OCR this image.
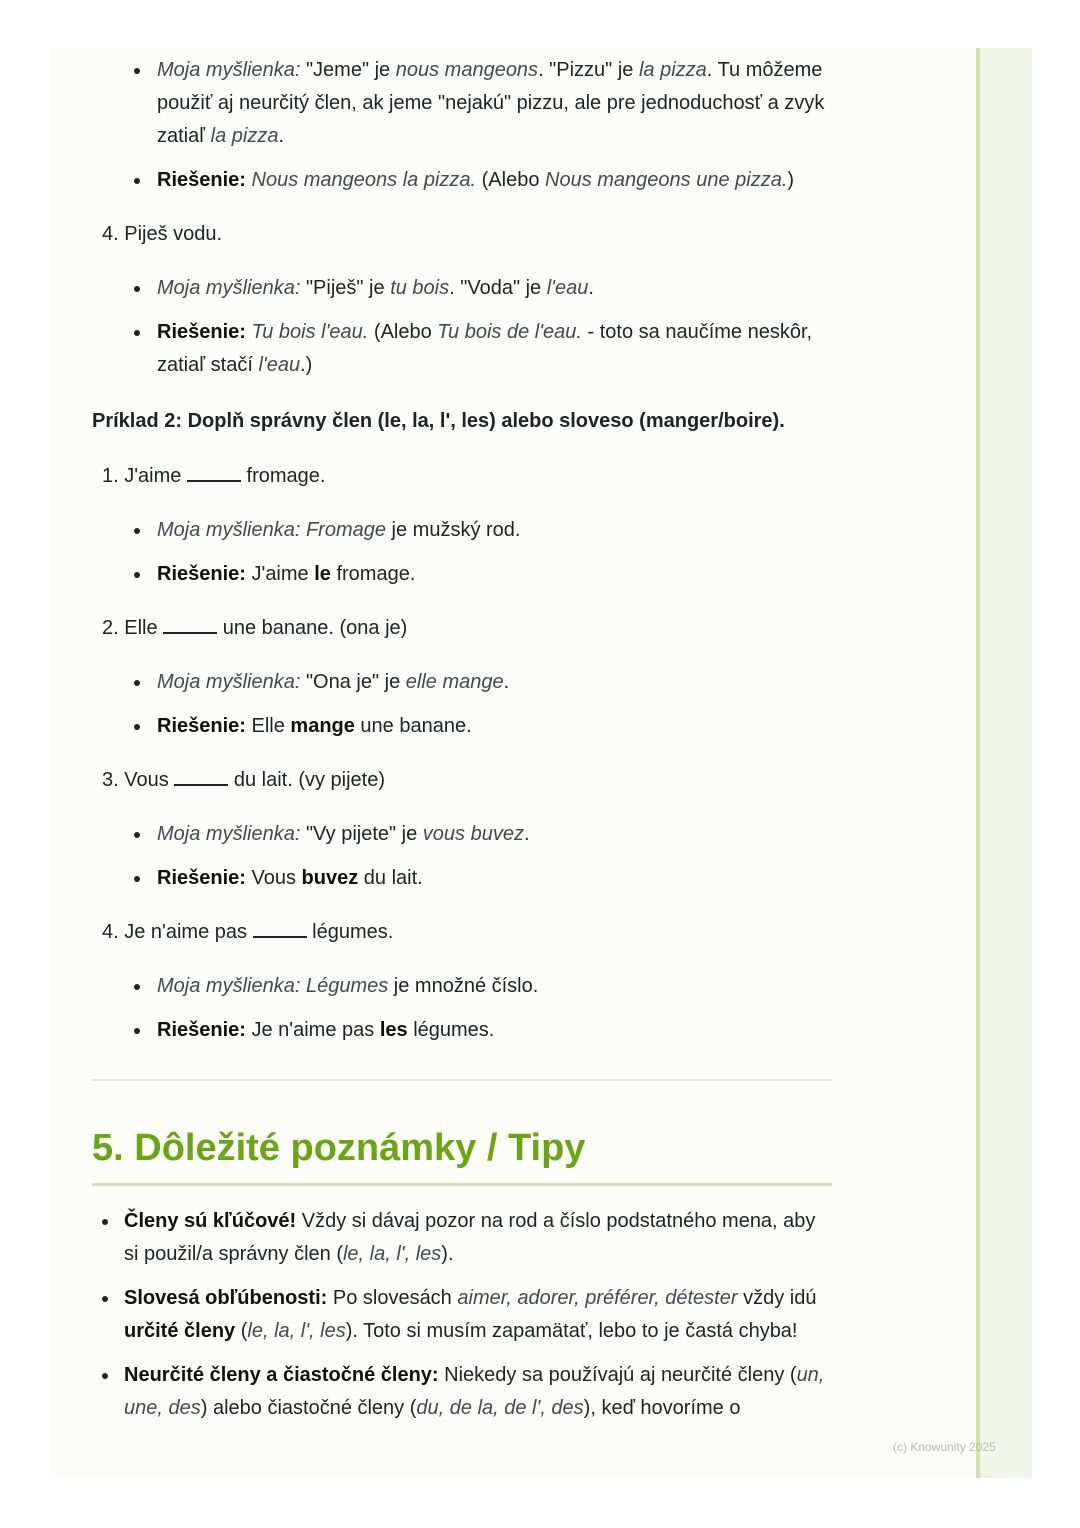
Moja myšlienka: "Jeme" je nous mangeons. "Pizzu" je la pizza. Tu môžeme použiť aj neurčitý člen, ak jeme "nejakú" pizzu, ale pre jednoduchosť a zvyk zatiaľ la pizza.

Riešenie: Nous mangeons la pizza. (Alebo Nous mangeons une pizza.)

4. Piješ vodu.

Moja myšlienka: "Piješ" je tu bois. "Voda" je l'eau.

Riešenie: Tu bois l'eau. (Alebo Tu bois de l'eau. - toto sa naučíme neskôr, zatiaľ stačí l'eau.)

Príklad 2: Doplň správny člen (le, la, l', les) alebo sloveso (manger/boire).

1. J'aime	fromage.

Moja myšlienka: Fromage je mužský rod.

Riešenie: J'aime le fromage.

2. Elle	une banane. (ona je)

Moja myšlienka: "Ona je" je elle mange.

Riešenie: Elle mange une banane.

3. Vous	du lait. (vy pijete)

Moja myšlienka: "Vy pijete" je vous buvez.

Riešenie: Vous buvez du lait.

4. Je n'aime pas	légumes.

Moja myšlienka: Légumes je množné číslo.

Riešenie: Je n'aime pas les légumes.

5. Dôležité poznámky / Tipy

Členy sú kľúčové! Vždy si dávaj pozor na rod a číslo podstatného mena, aby si použil/a správny člen (le, la, l', les).

Slovesá obľúbenosti: Po slovesách aimer, adorer, préférer, détester vždy idú určité členy (le, la, l', les). Toto si musím zapamätať, lebo to je častá chyba!

Neurčité členy a čiastočné členy: Niekedy sa používajú aj neurčité členy (un, une, des) alebo čiastočné členy (du, de la, de l', des), keď hovoríme o

(c) Knowunity 2025
